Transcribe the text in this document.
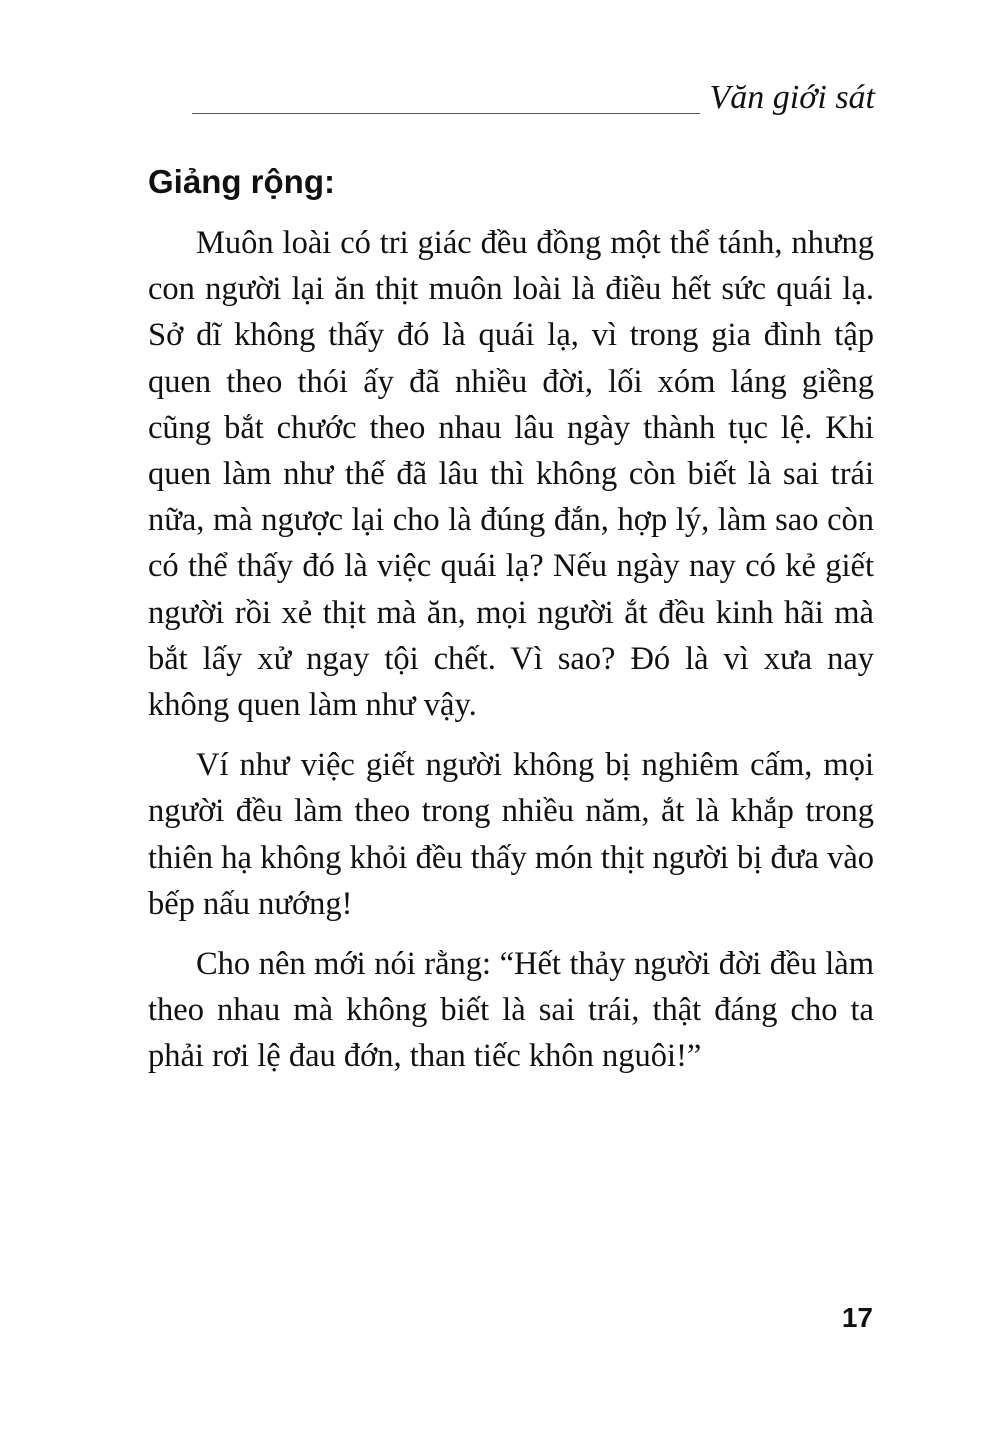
Văn giới sát
Giảng rộng:

Muôn loài có tri giác đều đồng một thể tánh, nhưng con người lại ăn thịt muôn loài là điều hết sức quái lạ. Sở dĩ không thấy đó là quái lạ, vì trong gia đình tập quen theo thói ấy đã nhiều đời, lối xóm láng giềng cũng bắt chước theo nhau lâu ngày thành tục lệ. Khi quen làm như thế đã lâu thì không còn biết là sai trái nữa, mà ngược lại cho là đúng đắn, hợp lý, làm sao còn có thể thấy đó là việc quái lạ? Nếu ngày nay có kẻ giết người rồi xẻ thịt mà ăn, mọi người ắt đều kinh hãi mà bắt lấy xử ngay tội chết. Vì sao? Đó là vì xưa nay không quen làm như vậy.

Ví như việc giết người không bị nghiêm cấm, mọi người đều làm theo trong nhiều năm, ắt là khắp trong thiên hạ không khỏi đều thấy món thịt người bị đưa vào bếp nấu nướng!

Cho nên mới nói rằng: “Hết thảy người đời đều làm theo nhau mà không biết là sai trái, thật đáng cho ta phải rơi lệ đau đớn, than tiếc khôn nguôi!”

17
